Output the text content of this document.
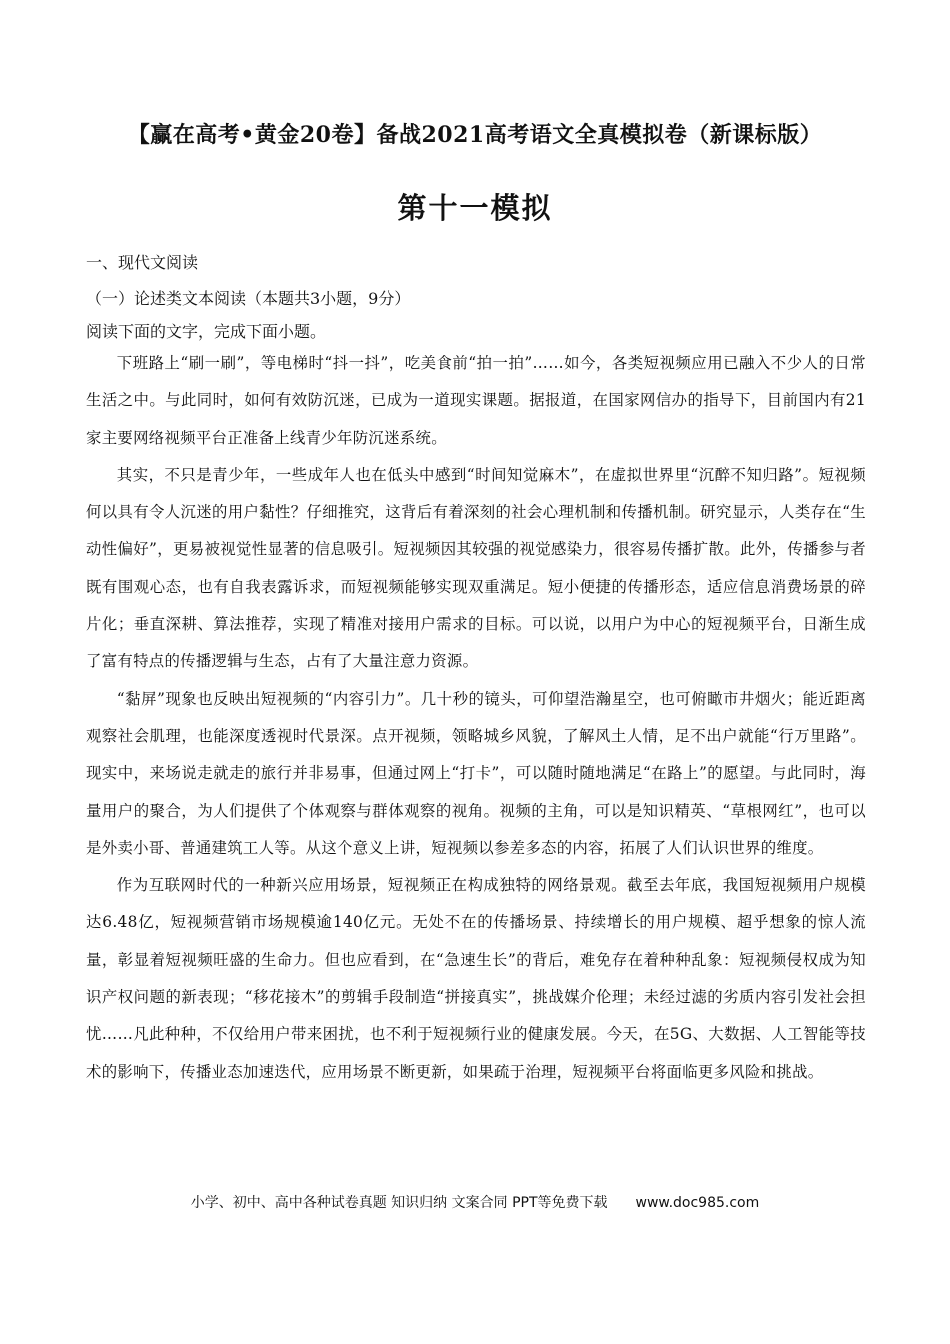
【赢在高考•黄金20卷】备战2021高考语文全真模拟卷（新课标版）
第十一模拟
一、现代文阅读
（一）论述类文本阅读（本题共3小题，9分）
阅读下面的文字，完成下面小题。

下班路上“刷一刷”，等电梯时“抖一抖”，吃美食前“拍一拍”……如今，各类短视频应用已融入不少人的日常生活之中。与此同时，如何有效防沉迷，已成为一道现实课题。据报道，在国家网信办的指导下，目前国内有21家主要网络视频平台正准备上线青少年防沉迷系统。

其实，不只是青少年，一些成年人也在低头中感到“时间知觉麻木”，在虚拟世界里“沉醉不知归路”。短视频何以具有令人沉迷的用户黏性？仔细推究，这背后有着深刻的社会心理机制和传播机制。研究显示，人类存在“生动性偏好”，更易被视觉性显著的信息吸引。短视频因其较强的视觉感染力，很容易传播扩散。此外，传播参与者既有围观心态，也有自我表露诉求，而短视频能够实现双重满足。短小便捷的传播形态，适应信息消费场景的碎片化；垂直深耕、算法推荐，实现了精准对接用户需求的目标。可以说，以用户为中心的短视频平台，日渐生成了富有特点的传播逻辑与生态，占有了大量注意力资源。

“黏屏”现象也反映出短视频的“内容引力”。几十秒的镜头，可仰望浩瀚星空，也可俯瞰市井烟火；能近距离观察社会肌理，也能深度透视时代景深。点开视频，领略城乡风貌，了解风土人情，足不出户就能“行万里路”。现实中，来场说走就走的旅行并非易事，但通过网上“打卡”，可以随时随地满足“在路上”的愿望。与此同时，海量用户的聚合，为人们提供了个体观察与群体观察的视角。视频的主角，可以是知识精英、“草根网红”，也可以是外卖小哥、普通建筑工人等。从这个意义上讲，短视频以参差多态的内容，拓展了人们认识世界的维度。

作为互联网时代的一种新兴应用场景，短视频正在构成独特的网络景观。截至去年底，我国短视频用户规模达6.48亿，短视频营销市场规模逾140亿元。无处不在的传播场景、持续增长的用户规模、超乎想象的惊人流量，彰显着短视频旺盛的生命力。但也应看到，在“急速生长”的背后，难免存在着种种乱象：短视频侵权成为知识产权问题的新表现；“移花接木”的剪辑手段制造“拼接真实”，挑战媒介伦理；未经过滤的劣质内容引发社会担忧……凡此种种，不仅给用户带来困扰，也不利于短视频行业的健康发展。今天，在5G、大数据、人工智能等技术的影响下，传播业态加速迭代，应用场景不断更新，如果疏于治理，短视频平台将面临更多风险和挑战。

小学、初中、高中各种试卷真题 知识归纳 文案合同 PPT等免费下载 www.doc985.com
